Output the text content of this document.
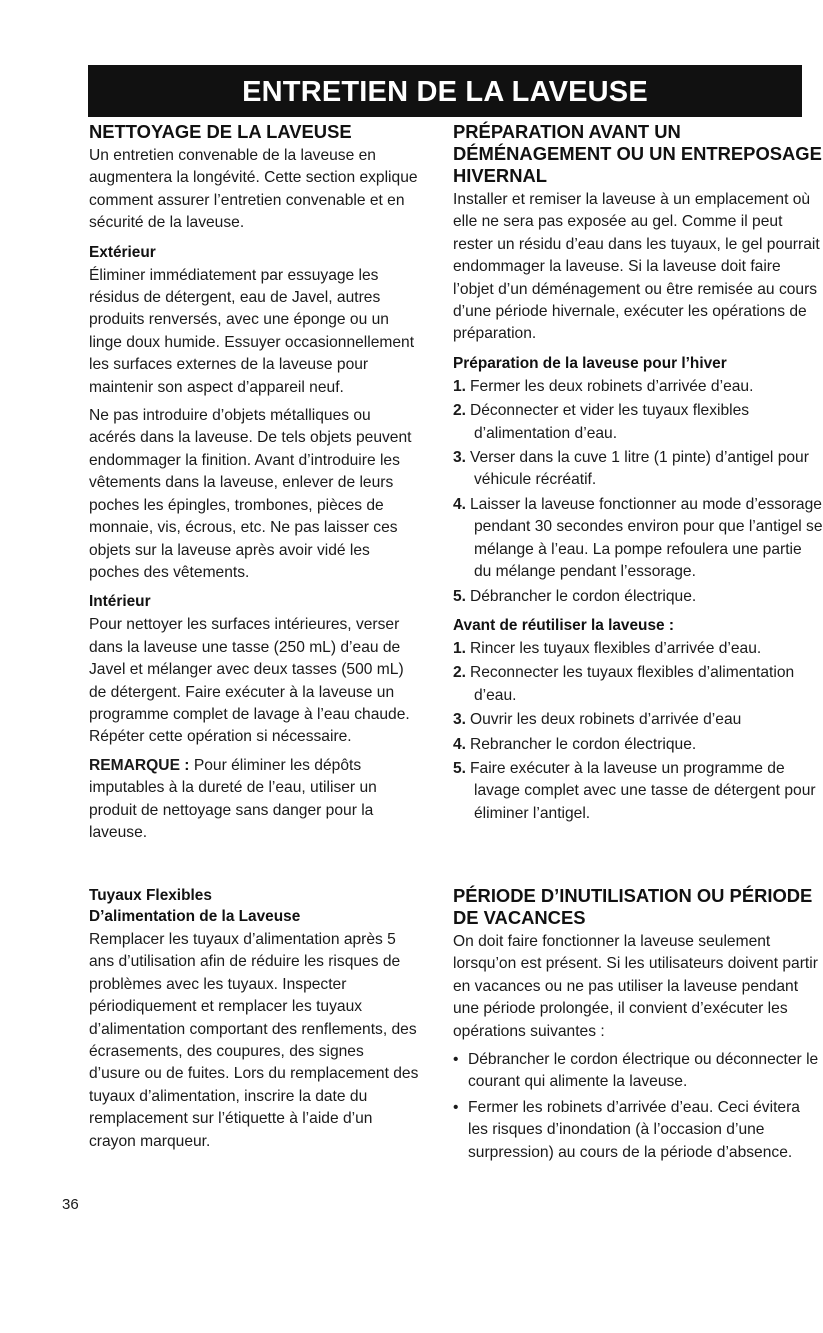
ENTRETIEN DE LA LAVEUSE
NETTOYAGE DE LA LAVEUSE

Un entretien convenable de la laveuse en augmentera la longévité. Cette section explique comment assurer l’entretien convenable et en sécurité de la laveuse.

Extérieur

Éliminer immédiatement par essuyage les résidus de détergent, eau de Javel, autres produits renversés, avec une éponge ou un linge doux humide. Essuyer occasionnellement les surfaces externes de la laveuse pour maintenir son aspect d’appareil neuf.

Ne pas introduire d’objets métalliques ou acérés dans la laveuse. De tels objets peuvent endommager la finition. Avant d’introduire les vêtements dans la laveuse, enlever de leurs poches les épingles, trombones, pièces de monnaie, vis, écrous, etc. Ne pas laisser ces objets sur la laveuse après avoir vidé les poches des vêtements.

Intérieur

Pour nettoyer les surfaces intérieures, verser dans la laveuse une tasse (250 mL) d’eau de Javel et mélanger avec deux tasses (500 mL) de détergent. Faire exécuter à la laveuse un programme complet de lavage à l’eau chaude. Répéter cette opération si nécessaire.

REMARQUE : Pour éliminer les dépôts imputables à la dureté de l’eau, utiliser un produit de nettoyage sans danger pour la laveuse.

Tuyaux Flexibles
D’alimentation de la Laveuse

Remplacer les tuyaux d’alimentation après 5 ans d’utilisation afin de réduire les risques de problèmes avec les tuyaux. Inspecter périodiquement et remplacer les tuyaux d’alimentation comportant des renflements, des écrasements, des coupures, des signes d’usure ou de fuites. Lors du remplacement des tuyaux d’alimentation, inscrire la date du remplacement sur l’étiquette à l’aide d’un crayon marqueur.

PRÉPARATION AVANT UN DÉMÉNAGEMENT OU UN ENTREPOSAGE HIVERNAL

Installer et remiser la laveuse à un emplacement où elle ne sera pas exposée au gel. Comme il peut rester un résidu d’eau dans les tuyaux, le gel pourrait endommager la laveuse. Si la laveuse doit faire l’objet d’un déménagement ou être remisée au cours d’une période hivernale, exécuter les opérations de préparation.

Préparation de la laveuse pour l’hiver
1. Fermer les deux robinets d’arrivée d’eau.
2. Déconnecter et vider les tuyaux flexibles d’alimentation d’eau.
3. Verser dans la cuve 1 litre (1 pinte) d’antigel pour véhicule récréatif.
4. Laisser la laveuse fonctionner au mode d’essorage pendant 30 secondes environ pour que l’antigel se mélange à l’eau. La pompe refoulera une partie du mélange pendant l’essorage.
5. Débrancher le cordon électrique.
Avant de réutiliser la laveuse :
1. Rincer les tuyaux flexibles d’arrivée d’eau.
2. Reconnecter les tuyaux flexibles d’alimentation d’eau.
3. Ouvrir les deux robinets d’arrivée d’eau
4. Rebrancher le cordon électrique.
5. Faire exécuter à la laveuse un programme de lavage complet avec une tasse de détergent pour éliminer l’antigel.
PÉRIODE D’INUTILISATION OU PÉRIODE DE VACANCES

On doit faire fonctionner la laveuse seulement lorsqu’on est présent. Si les utilisateurs doivent partir en vacances ou ne pas utiliser la laveuse pendant une période prolongée, il convient d’exécuter les opérations suivantes :

• Débrancher le cordon électrique ou déconnecter le courant qui alimente la laveuse.
• Fermer les robinets d’arrivée d’eau. Ceci évitera les risques d’inondation (à l’occasion d’une surpression) au cours de la période d’absence.
36
